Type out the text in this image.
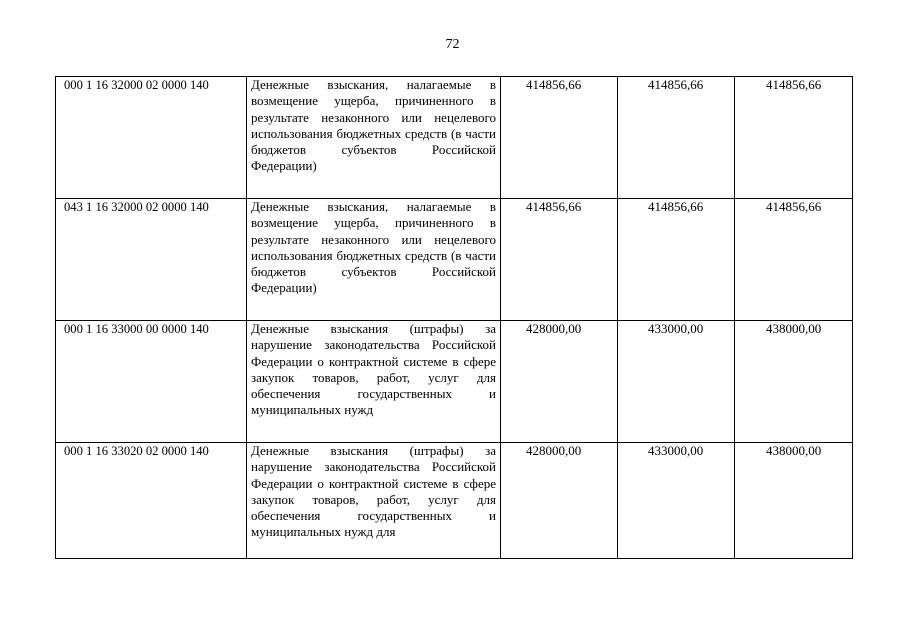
72
000 1 16 32000 02 0000 140	Денежные взыскания, налагаемые в возмещение ущерба, причиненного в результате незаконного или нецелевого использования бюджетных средств (в части бюджетов субъектов Российской Федерации)	414856,66	414856,66	414856,66
043 1 16 32000 02 0000 140	Денежные взыскания, налагаемые в возмещение ущерба, причиненного в результате незаконного или нецелевого использования бюджетных средств (в части бюджетов субъектов Российской Федерации)	414856,66	414856,66	414856,66
000 1 16 33000 00 0000 140	Денежные взыскания (штрафы) за нарушение законодательства Российской Федерации о контрактной системе в сфере закупок товаров, работ, услуг для обеспечения государственных и муниципальных нужд	428000,00	433000,00	438000,00
000 1 16 33020 02 0000 140	Денежные взыскания (штрафы) за нарушение законодательства Российской Федерации о контрактной системе в сфере закупок товаров, работ, услуг для обеспечения государственных и муниципальных нужд для	428000,00	433000,00	438000,00
